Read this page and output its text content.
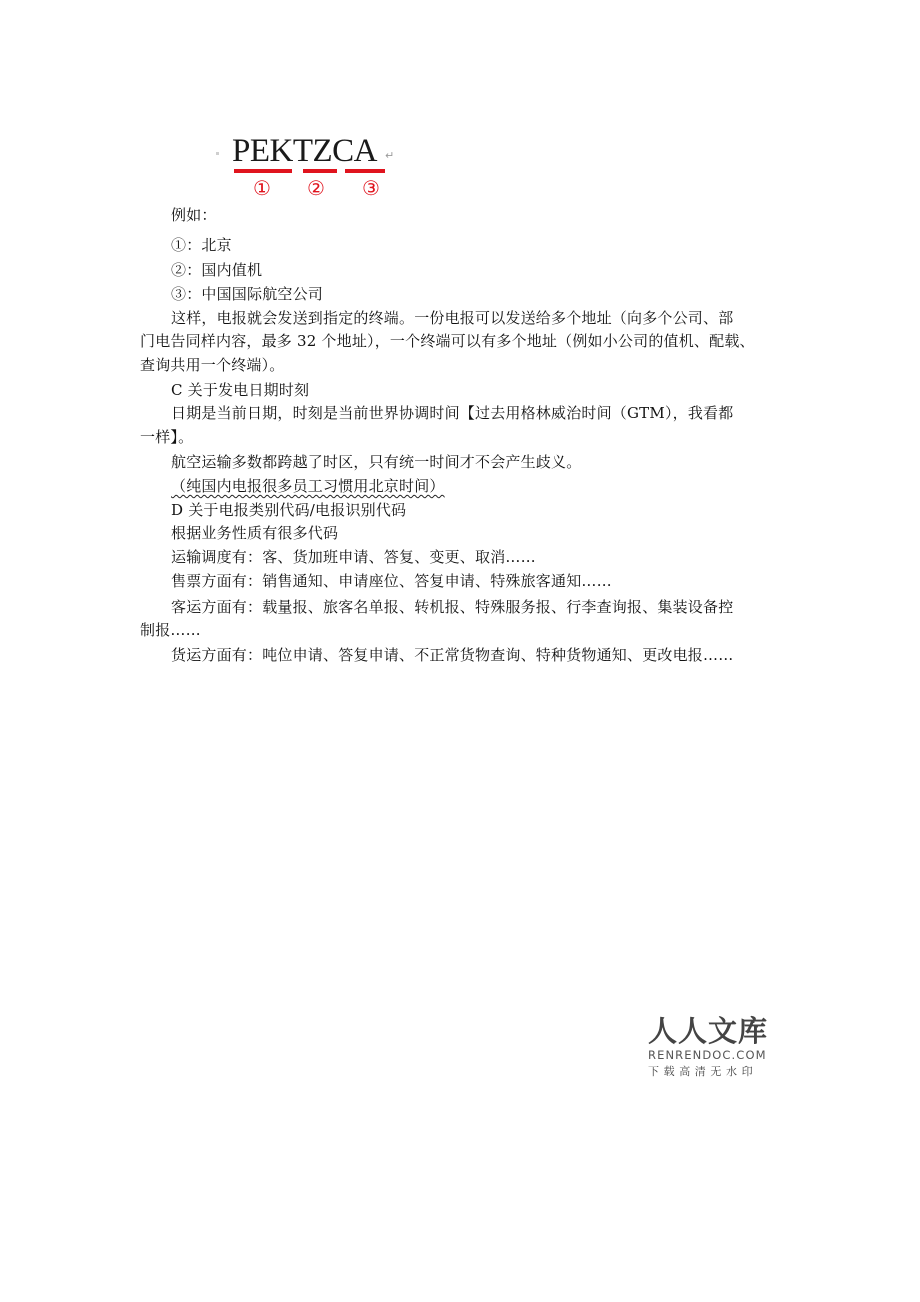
PEKTZCA ↵
① ② ③
例如：
①：北京
②：国内值机
③：中国国际航空公司
这样，电报就会发送到指定的终端。一份电报可以发送给多个地址（向多个公司、部
门电告同样内容，最多 32 个地址），一个终端可以有多个地址（例如小公司的值机、配载、
查询共用一个终端）。
C 关于发电日期时刻
日期是当前日期，时刻是当前世界协调时间【过去用格林威治时间（GTM），我看都
一样】。
航空运输多数都跨越了时区，只有统一时间才不会产生歧义。
（纯国内电报很多员工习惯用北京时间）
D 关于电报类别代码/电报识别代码
根据业务性质有很多代码
运输调度有：客、货加班申请、答复、变更、取消……
售票方面有：销售通知、申请座位、答复申请、特殊旅客通知……
客运方面有：载量报、旅客名单报、转机报、特殊服务报、行李查询报、集装设备控
制报……
货运方面有：吨位申请、答复申请、不正常货物查询、特种货物通知、更改电报……
人人文库
RENRENDOC.COM
下载高清无水印
